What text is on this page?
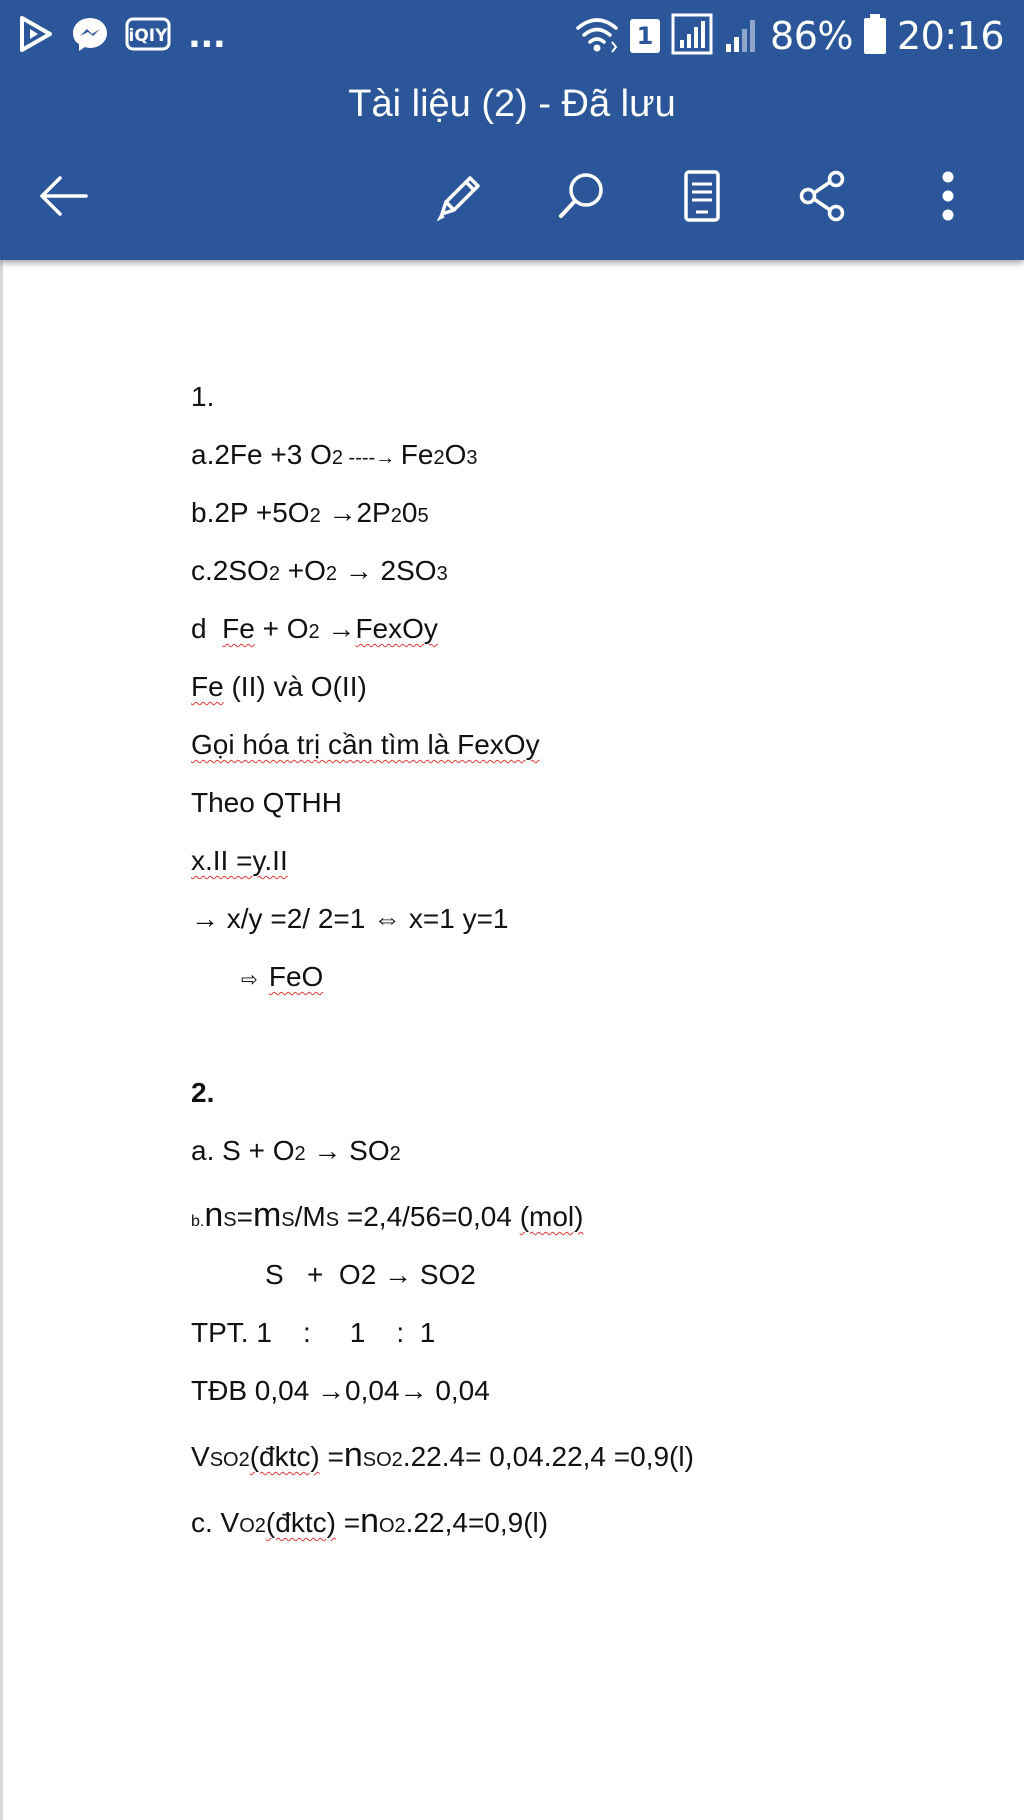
iQIY ...	1	86% 20:16
Tài liệu (2) - Đã lưu
1.
a.2Fe +3 O2 ----→ Fe2O3
b.2P +5O2 →2P205
c.2SO2 +O2 → 2SO3
d  Fe + O2 →FexOy
Fe (II) và O(II)
Gọi hóa trị cần tìm là FexOy
Theo QTHH
x.II =y.II
→ x/y =2/ 2=1 ⇔ x=1 y=1
⇨  FeO
2.
a. S + O2 → SO2
b.nS=mS/MS =2,4/56=0,04 (mol)
S   +  O2 → SO2
TPT. 1    :     1    :  1
TĐB 0,04 →0,04→ 0,04
VSO2(đktc) =nSO2.22.4= 0,04.22,4 =0,9(l)
c. VO2(đktc) =nO2.22,4=0,9(l)
